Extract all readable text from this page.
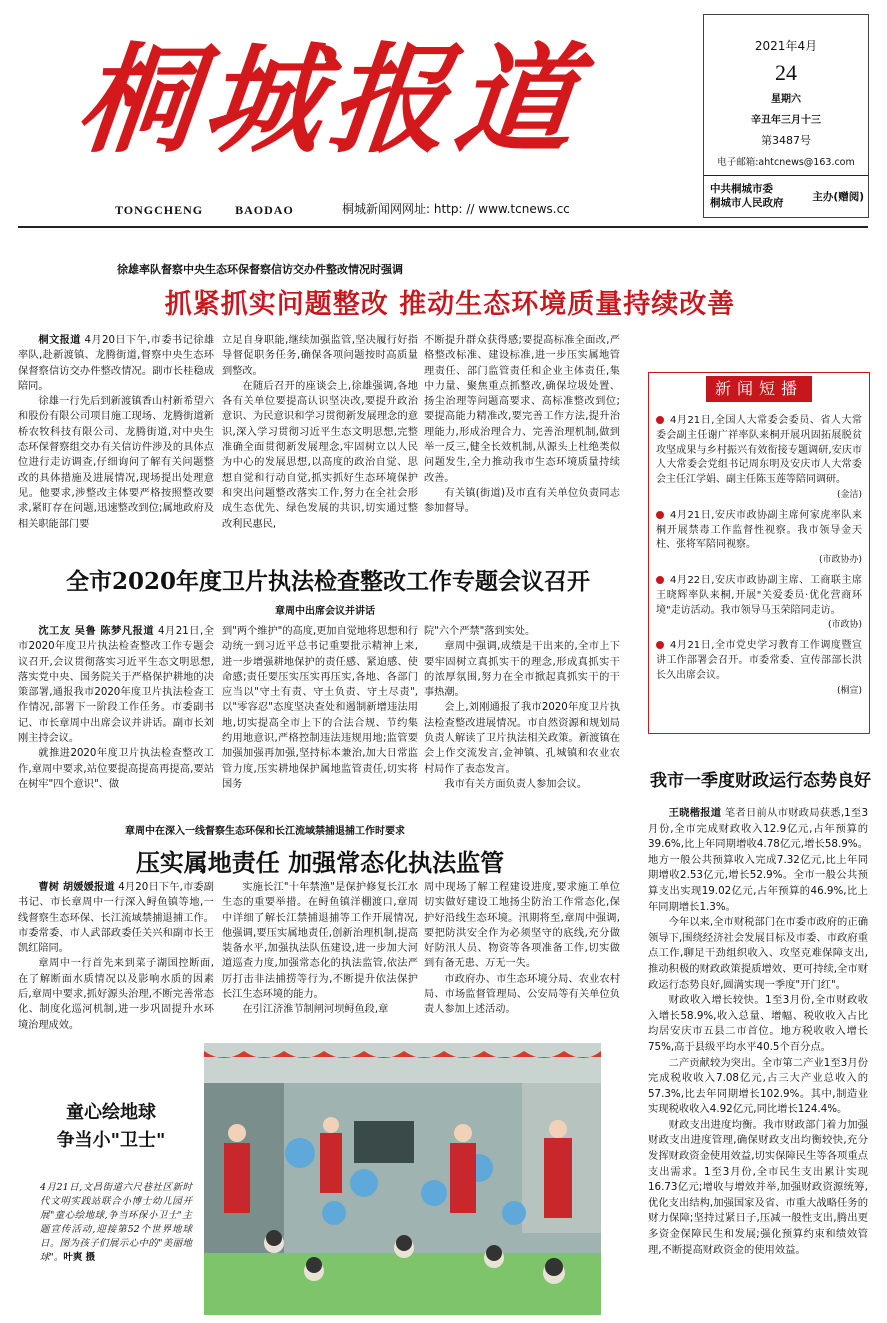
桐城报道
TONGCHENG	BAODAO	桐城新闻网网址: http: // www.tcnews.cc
2021年4月
24
星期六
辛丑年三月十三
第3487号
电子邮箱:ahtcnews@163.com
中共桐城市委
桐城市人民政府	主办(赠阅)
徐雄率队督察中央生态环保督察信访交办件整改情况时强调
抓紧抓实问题整改 推动生态环境质量持续改善

桐文报道 4月20日下午,市委书记徐雄率队,赴新渡镇、龙腾街道,督察中央生态环保督察信访交办件整改情况。副市长桂稳成陪同。

徐雄一行先后到新渡镇香山村新希望六和股份有限公司项目施工现场、龙腾街道新桥农牧科技有限公司、龙腾街道,对中央生态环保督察组交办有关信访件涉及的具体点位进行走访调查,仔细询问了解有关问题整改的具体措施及进展情况,现场提出处理意见。他要求,涉整改主体要严格按照整改要求,紧盯存在问题,迅速整改到位;属地政府及相关职能部门要

立足自身职能,继续加强监管,坚决履行好指导督促职务任务,确保各项问题按时高质量到整改。

在随后召开的座谈会上,徐雄强调,各地各有关单位要提高认识坚决改,要提升政治意识、为民意识和学习贯彻新发展理念的意识,深入学习贯彻习近平生态文明思想,完整准确全面贯彻新发展理念,牢固树立以人民为中心的发展思想,以高度的政治自觉、思想自觉和行动自觉,抓实抓好生态环境保护和突出问题整改落实工作,努力在全社会形成生态优先、绿色发展的共识,切实通过整改利民惠民,

不断提升群众获得感;要提高标准全面改,严格整改标准、建设标准,进一步压实属地管理责任、部门监管责任和企业主体责任,集中力量、聚焦重点抓整改,确保垃圾处置、扬尘治理等问题高要求、高标准整改到位;要提高能力精准改,要完善工作方法,提升治理能力,形成治理合力、完善治理机制,做到举一反三,健全长效机制,从源头上杜绝类似问题发生,全力推动我市生态环境质量持续改善。

有关镇(街道)及市直有关单位负责同志参加督导。

新闻短播
4月21日,全国人大常委会委员、省人大常委会副主任谢广祥率队来桐开展巩固拓展脱贫攻坚成果与乡村振兴有效衔接专题调研,安庆市人大常委会党组书记周东明及安庆市人大常委会主任江学娟、副主任陈玉莲等陪同调研。
(金洁)
4月21日,安庆市政协副主席何家虎率队来桐开展禁毒工作监督性视察。我市领导金天柱、张将军陪同视察。
(市政协办)
4月22日,安庆市政协副主席、工商联主席王晓辉率队来桐,开展"关爱委员·优化营商环境"走访活动。我市领导马玉荣陪同走访。
(市政协)
4月21日,全市党史学习教育工作调度暨宣讲工作部署会召开。市委常委、宣传部部长洪长久出席会议。
(桐宣)
全市2020年度卫片执法检查整改工作专题会议召开
章周中出席会议并讲话

沈工友 吴鲁 陈梦凡报道 4月21日,全市2020年度卫片执法检查整改工作专题会议召开,会议贯彻落实习近平生态文明思想,落实党中央、国务院关于严格保护耕地的决策部署,通报我市2020年度卫片执法检查工作情况,部署下一阶段工作任务。市委副书记、市长章周中出席会议并讲话。副市长刘刚主持会议。

就推进2020年度卫片执法检查整改工作,章周中要求,站位要提高提高再提高,要站在树牢"四个意识"、做

到"两个维护"的高度,更加自觉地将思想和行动统一到习近平总书记重要批示精神上来,进一步增强耕地保护的责任感、紧迫感、使命感;责任要压实压实再压实,各地、各部门应当以"守土有责、守土负责、守土尽责",以"零容忍"态度坚决查处和遏制新增违法用地,切实提高全市上下的合法合规、节约集约用地意识,严格控制违法违规用地;监管要加强加强再加强,坚持标本兼治,加大日常监管力度,压实耕地保护属地监管责任,切实将国务

院"六个严禁"落到实处。

章周中强调,成绩是干出来的,全市上下要牢固树立真抓实干的理念,形成真抓实干的浓厚氛围,努力在全市掀起真抓实干的干事热潮。

会上,刘刚通报了我市2020年度卫片执法检查整改进展情况。市自然资源和规划局负责人解读了卫片执法相关政策。新渡镇在会上作交流发言,金神镇、孔城镇和农业农村局作了表态发言。

我市有关方面负责人参加会议。	我市一季度财政运行态势良好

王晓楷报道 笔者日前从市财政局获悉,1至3月份,全市完成财政收入12.9亿元,占年预算的39.6%,比上年同期增收4.78亿元,增长58.9%。地方一般公共预算收入完成7.32亿元,比上年同期增收2.53亿元,增长52.9%。全市一般公共预算支出实现19.02亿元,占年预算的46.9%,比上年同期增长1.3%。

今年以来,全市财税部门在市委市政府的正确领导下,围绕经济社会发展目标及市委、市政府重点工作,聊足干劲组织收入、攻坚克难保障支出,推动积极的财政政策提质增效、更可持续,全市财政运行态势良好,圆满实现一季度"开门红"。

财政收入增长较快。1至3月份,全市财政收入增长58.9%,收入总量、增幅、税收收入占比均居安庆市五县二市首位。地方税收收入增长75%,高于县级平均水平40.5个百分点。

二产贡献较为突出。全市第二产业1至3月份完成税收收入7.08亿元,占三大产业总收入的57.3%,比去年同期增长102.9%。其中,制造业实现税收收入4.92亿元,同比增长124.4%。

财政支出进度均衡。我市财政部门着力加强财政支出进度管理,确保财政支出均衡较快,充分发挥财政资金使用效益,切实保障民生等各项重点支出需求。1至3月份,全市民生支出累计实现16.73亿元;增收与增效并举,加强财政资源统筹,优化支出结构,加强国家及省、市重大战略任务的财力保障;坚持过紧日子,压减一般性支出,腾出更多资金保障民生和发展;强化预算约束和绩效管理,不断提高财政资金的使用效益。

章周中在深入一线督察生态环保和长江流域禁捕退捕工作时要求
压实属地责任 加强常态化执法监管

曹树 胡媛媛报道 4月20日下午,市委副书记、市长章周中一行深入鲟鱼镇等地,一线督察生态环保、长江流域禁捕退捕工作。市委常委、市人武部政委任关兴和副市长王凯红陪同。

章周中一行首先来到菜子湖国控断面,在了解断面水质情况以及影响水质的因素后,章周中要求,抓好源头治理,不断完善常态化、制度化巡河机制,进一步巩固提升水环境治理成效。

实施长江"十年禁渔"是保护修复长江水生态的重要举措。在鲟鱼镇洋棚渡口,章周中详细了解长江禁捕退捕等工作开展情况,他强调,要压实属地责任,创新治理机制,提高装备水平,加强执法队伍建设,进一步加大河道巡查力度,加强常态化的执法监管,依法严厉打击非法捕捞等行为,不断提升依法保护长江生态环境的能力。

在引江济淮节制闸河坝鲟鱼段,章

周中现场了解工程建设进度,要求施工单位切实做好建设工地扬尘防治工作常态化,保护好沿线生态环境。汛期将至,章周中强调,要把防洪安全作为必须坚守的底线,充分做好防汛人员、物资等各项准备工作,切实做到有备无患、万无一失。

市政府办、市生态环境分局、农业农村局、市场监督管理局、公安局等有关单位负责人参加上述活动。

童心绘地球
争当小"卫士"
4月21日,文昌街道六尺巷社区新时代文明实践站联合小博士幼儿园开展"童心绘地球,争当环保小卫士"主题宣传活动,迎接第52个世界地球日。图为孩子们展示心中的"美丽地球"。叶爽 摄
